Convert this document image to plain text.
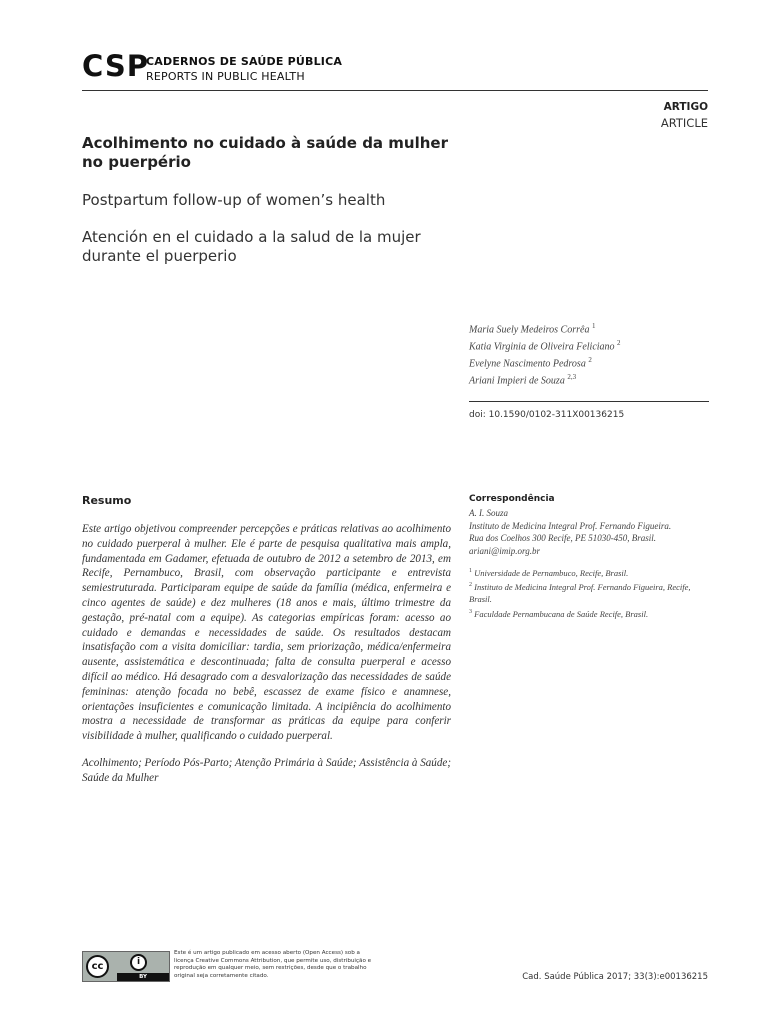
CSP
CADERNOS DE SAÚDE PÚBLICA
REPORTS IN PUBLIC HEALTH
ARTIGO
ARTICLE
Acolhimento no cuidado à saúde da mulher no puerpério
Postpartum follow-up of women’s health
Atención en el cuidado a la salud de la mujer durante el puerperio
Maria Suely Medeiros Corrêa $^1$
Katia Virginia de Oliveira Feliciano $^2$
Evelyne Nascimento Pedrosa $^2$
Ariani Impieri de Souza $^{2,3}$
doi: 10.1590/0102-311X00136215
Resumo
Este artigo objetivou compreender percepções e práticas relativas ao acolhimento no cuidado puerperal à mulher. Ele é parte de pesquisa qualitativa mais ampla, fundamentada em Gadamer, efetuada de outubro de 2012 a setembro de 2013, em Recife, Pernambuco, Brasil, com observação participante e entrevista semiestruturada. Participaram equipe de saúde da família (médica, enfermeira e cinco agentes de saúde) e dez mulheres (18 anos e mais, último trimestre da gestação, pré-natal com a equipe). As categorias empíricas foram: acesso ao cuidado e demandas e necessidades de saúde. Os resultados destacam insatisfação com a visita domiciliar: tardia, sem priorização, médica/enfermeira ausente, assistemática e descontinuada; falta de consulta puerperal e acesso difícil ao médico. Há desagrado com a desvalorização das necessidades de saúde femininas: atenção focada no bebê, escassez de exame físico e anamnese, orientações insuficientes e comunicação limitada. A incipiência do acolhimento mostra a necessidade de transformar as práticas da equipe para conferir visibilidade à mulher, qualificando o cuidado puerperal.
Acolhimento; Período Pós-Parto; Atenção Primária à Saúde; Assistência à Saúde; Saúde da Mulher
Correspondência
A. I. Souza
Instituto de Medicina Integral Prof. Fernando Figueira.
Rua dos Coelhos 300 Recife, PE 51030-450, Brasil.
ariani@imip.org.br
$^1$ Universidade de Pernambuco, Recife, Brasil.
$^2$ Instituto de Medicina Integral Prof. Fernando Figueira, Recife, Brasil.
$^3$ Faculdade Pernambucana de Saúde Recife, Brasil.
cc	i
BY
Este é um artigo publicado em acesso aberto (Open Access) sob a licença Creative Commons Attribution, que permite uso, distribuição e reprodução em qualquer meio, sem restrições, desde que o trabalho original seja corretamente citado.	Cad. Saúde Pública 2017; 33(3):e00136215
